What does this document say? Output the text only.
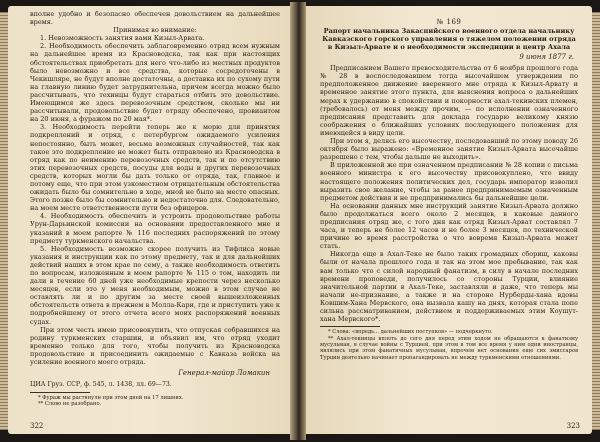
вполне удобно и безопасно обеспечен довольствием на дальнейшее время.

Принимая во внимание:

1. Невозможность занятия вами Кизыл-Арвата.

2. Необходимость обеспечить заблаговременно отряд всем нужным на дальнейшее время из Красноводска, так как при настоящих обстоятельствах приобретать для него что-либо из местных продуктов было невозможно и все средства, которые сосредоточены в Чекишляре, не будут вполне достаточны, а доставка их по сухому пути на главную линию будет затруднительна, причем всегда можно было рассчитывать, что техинцы будут стараться отбить это довольствие. Имеющимся же здесь перевозочным средством, сколько мы ни рассчитывали, продовольствие будет отряду обеспечено, провиантом на 20 июня, а фуражом по 20 мая*.

3. Необходимость перейти теперь же к морю для принятия подкреплений и отряд, с петербургом ожидаемого усиления непостоянно, быть может, весьма возможных случайностей, так как такое это подкрепление не может быть отправлено из Красноводска в отряд как по неимению перевозочных средств, так и по отсутствию этих перевозочных средств, посуды для воды и других перевозочных средств, которых могли бы дать только от отряда, так, главное и потому еще, что при этом узкоместном отрицательным обстоятельства ожидать было бы сомнительно в ходе, мной не было на месте опасных. Этого позже было бы сомнительно и недостаточно для. Следовательно, на моем месте ответственности пути без офицеров.

4. Необходимость обеспечить и устроить продовольствие работы Урун-Дарьинской комиссии на основании предоставленного мне и указаний в моем рапорте № 116 последних распоряжений по этому предмету туркменского начальства.

5. Необходимость возможно скорее получить из Тифлиса новые указания и инструкции как по этому предмету, так и для дальнейших действий наших в этом крае по сему, а также необходимость ответить по вопросам, изложенным в моем рапорте № 115 о том, находить ли дали в течение 60 дней уже необходимые крепости через несколько месяцев, если это у меня необходимым, можно в этом случае не оставлять ли и по другим за месте своей вышеизложенных обстоятельств ответа в прежнем в Молла-Кари, где и приступить уже к подробнейшему от этого отчета всего моих распоряжений военных судах.

При этом честь имею присовокупить, что отпуская собравшихся на родину туркменских старшин, и объявил им, что отряд уходит временно только для того, чтобы получить из Красноводска продовольствие и присоединить ожидаемые с Кавказа войска на усиление военного моего отряда.

Генерал-майор Ломакин

ЦИА Груз. ССР, ф. 545, л. 1438, лл. 69—73.

* Фураж мы растянули при этом дней на 17 лишних.

** Слово не разобрано.

322
№ 169
Рапорт начальника Закаспийского военного отдела начальнику Кавказского горского управления о тяжелом положении отряда в Кизыл-Арвате и о необходимости экспедиции в центр Ахала
9 июня 1877 г.

Предписанием Вашего превосходительства от 6 ноября прошлого года № 28 в воспоследовавшем тогда высочайшем утверждении по предположенное движение вверенного мне отряда к Кизыл-Арвату и временное занятие этого пункта, для выяснения вопроса о дальнейших мерах к удержанию в спокойствии и покорности ахал-текинских племен, (требовалось) от меня между прочим, — по исполнении означенного предписания представить для доклада государю великому князю соображения о ближайших условиях последующего положения для имеющейся в виду цели.

При этом я, делясь его высочеству, последовавший по этому поводу 26 октября было выражено: «Временное занятие Кизыл-Арвата высочайше разрешено с тем, чтобы дальше не выходить».

В приложенной же при означенном предписании № 28 копии с письма военного министра к его высочеству присовокуплено, что ввиду настоящего положения политических дел, государь император изволил выразить свое желание, чтобы за ранее предпринимаемым означенным предметом действия и не предпринимались бы дальнейшие цели.

На основании данных мне инструкций занятие Кизыл-Арвата должно было продолжаться всего около 2 месяцев, в каковые данного предписания отряд же, с того дня как отряд Кизыл-Арват составлял 7 часа, и теперь не более 12 часов и не более 3 месяцев, по технической причине во время расстройства о что вовремя Кизыл-Арвата может стать.

Никогда еще в Ахал-Теке не было таких громадных сборищ, каковы были от начала прошлого года и так на этом мое пребывание, так как вам только что с силой народный фанатизм, в силу в начале последних времени проповеди, получилось со стороны Турции, влияние значительной партии в Ахал-Теке, заставляли и даже, что теперь мы начали не-признание, а также и на стороне Нурберды-хана вдовы Ковшим-Хана Мервского, она вызвала кашу на днях, которая стала попе сильна рассматриванием, действием и поддерживаемых этим Коушут-хана Мервского*.

* Слова: «впредь... дальнейших поступков» — подчеркнуто.

** Ахал-текинцы вплоть до сего дня перед этим ходом не обращаются к фанатизму мусульман, в случае войны с Турцией, при этом в том все время у ним одни иностранцы, являлись при этом фанатичных мусульман, впрочем нет основания еще сих эмиссаров Турции деятельно начинает пропагандировать не между туркменскими отношениями.

323
